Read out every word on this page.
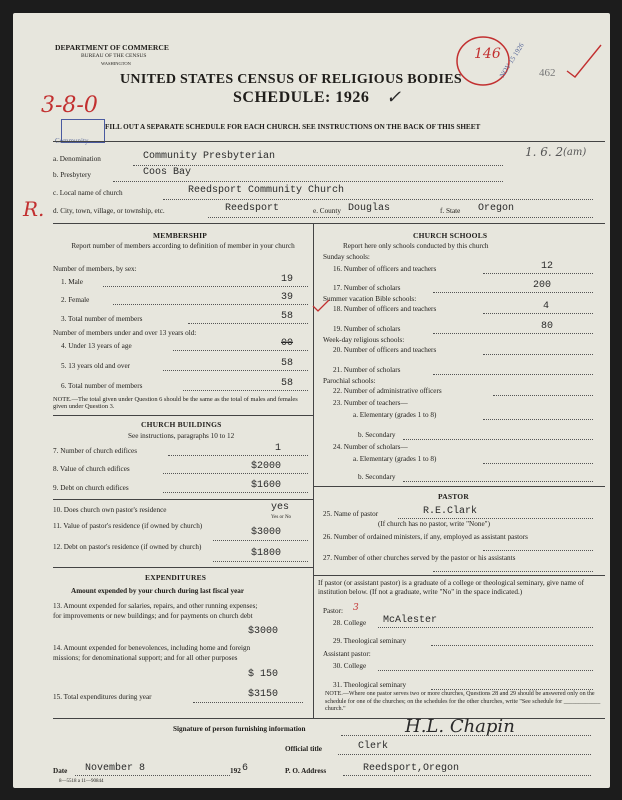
DEPARTMENT OF COMMERCE
BUREAU OF THE CENSUS
WASHINGTON
UNITED STATES CENSUS OF RELIGIOUS BODIES
SCHEDULE: 1926 ✓
3-8-0
146
NOV 15 1926 462
Community
FILL OUT A SEPARATE SCHEDULE FOR EACH CHURCH. SEE INSTRUCTIONS ON THE BACK OF THIS SHEET
1. 6. 2 (am)
R.
a. Denomination	Community Presbyterian
b. Presbytery	Coos Bay
c. Local name of church	Reedsport Community Church
d. City, town, village, or township, etc.	Reedsport	e. County Douglas	f. State Oregon
MEMBERSHIP
Report number of members according to definition of member in your church
Number of members, by sex:
1. Male	19
2. Female	39
3. Total number of members	58
Number of members under and over 13 years old:
4. Under 13 years of age	00
5. 13 years old and over	58
6. Total number of members	58
NOTE.—The total given under Question 6 should be the same as the total of males and females given under Question 3.
CHURCH BUILDINGS
See instructions, paragraphs 10 to 12
7. Number of church edifices	1
8. Value of church edifices	$2000
9. Debt on church edifices	$1600
10. Does church own pastor's residence	yes
Yes or No
11. Value of pastor's residence (if owned by church)
$3000
12. Debt on pastor's residence (if owned by church)
$1800
EXPENDITURES
Amount expended by your church during last fiscal year
13. Amount expended for salaries, repairs, and other running expenses; for improvements or new buildings; and for payments on church debt
$3000
14. Amount expended for benevolences, including home and foreign missions; for denominational support; and for all other purposes
$ 150
15. Total expenditures during year	$3150
CHURCH SCHOOLS
Report here only schools conducted by this church
Sunday schools:
16. Number of officers and teachers	12
17. Number of scholars	200
Summer vacation Bible schools:
18. Number of officers and teachers	4
19. Number of scholars	80
Week-day religious schools:
20. Number of officers and teachers
21. Number of scholars
Parochial schools:
22. Number of administrative officers
23. Number of teachers—
a. Elementary (grades 1 to 8)
b. Secondary
24. Number of scholars—
a. Elementary (grades 1 to 8)
b. Secondary
PASTOR
25. Name of pastor	R.E.Clark
(If church has no pastor, write "None")
26. Number of ordained ministers, if any, employed as assistant pastors
27. Number of other churches served by the pastor or his assistants
If pastor (or assistant pastor) is a graduate of a college or theological seminary, give name of institution below. (If not a graduate, write "No" in the space indicated.)
Pastor: 3
28. College McAlester
29. Theological seminary
Assistant pastor:
30. College
31. Theological seminary
NOTE.—Where one pastor serves two or more churches, Questions 28 and 29 should be answered only on the schedule for one of the churches; on the schedules for the other churches, write "See schedule for ____________ church."
Signature of person furnishing information	H.L. Chapin
Official title	Clerk
Date November 8	192 6	P. O. Address	Reedsport,Oregon
8—5518 a 11—90844
